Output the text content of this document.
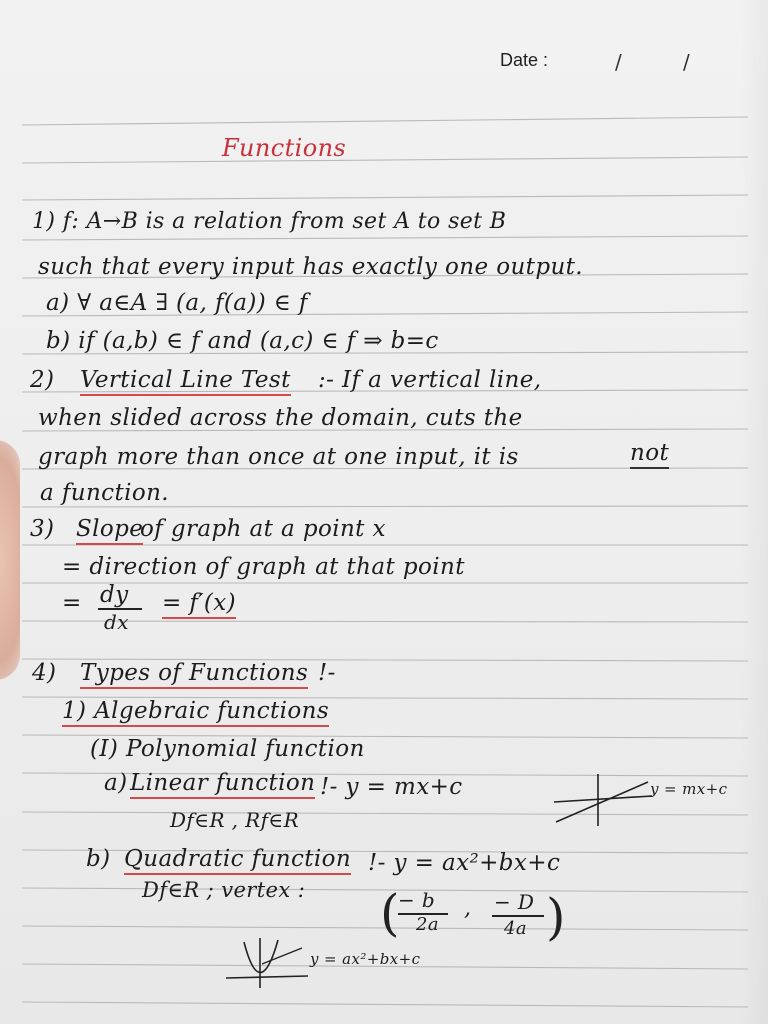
Date :	/	/
Functions
1) f: A→B is a relation from set A to set B
such that every input has exactly one output.
a) ∀ a∈A ∃ (a, f(a)) ∈ f
b) if (a,b) ∈ f and (a,c) ∈ f ⇒ b=c
2) Vertical Line Test :- If a vertical line,
when slided across the domain, cuts the
graph more than once at one input, it is	not
a function.
3) Slope
of graph at a point x
= direction of graph at that point
= dy
dx
= f′(x)
4) Types of Functions !-
1) Algebraic functions
(I) Polynomial function
a) Linear function !- y = mx+c	y = mx+c
Df∈R , Rf∈R
b) Quadratic function !- y = ax²+bx+c
Df∈R ; vertex : (
− b
2a
, − D
4a )
y = ax²+bx+c
